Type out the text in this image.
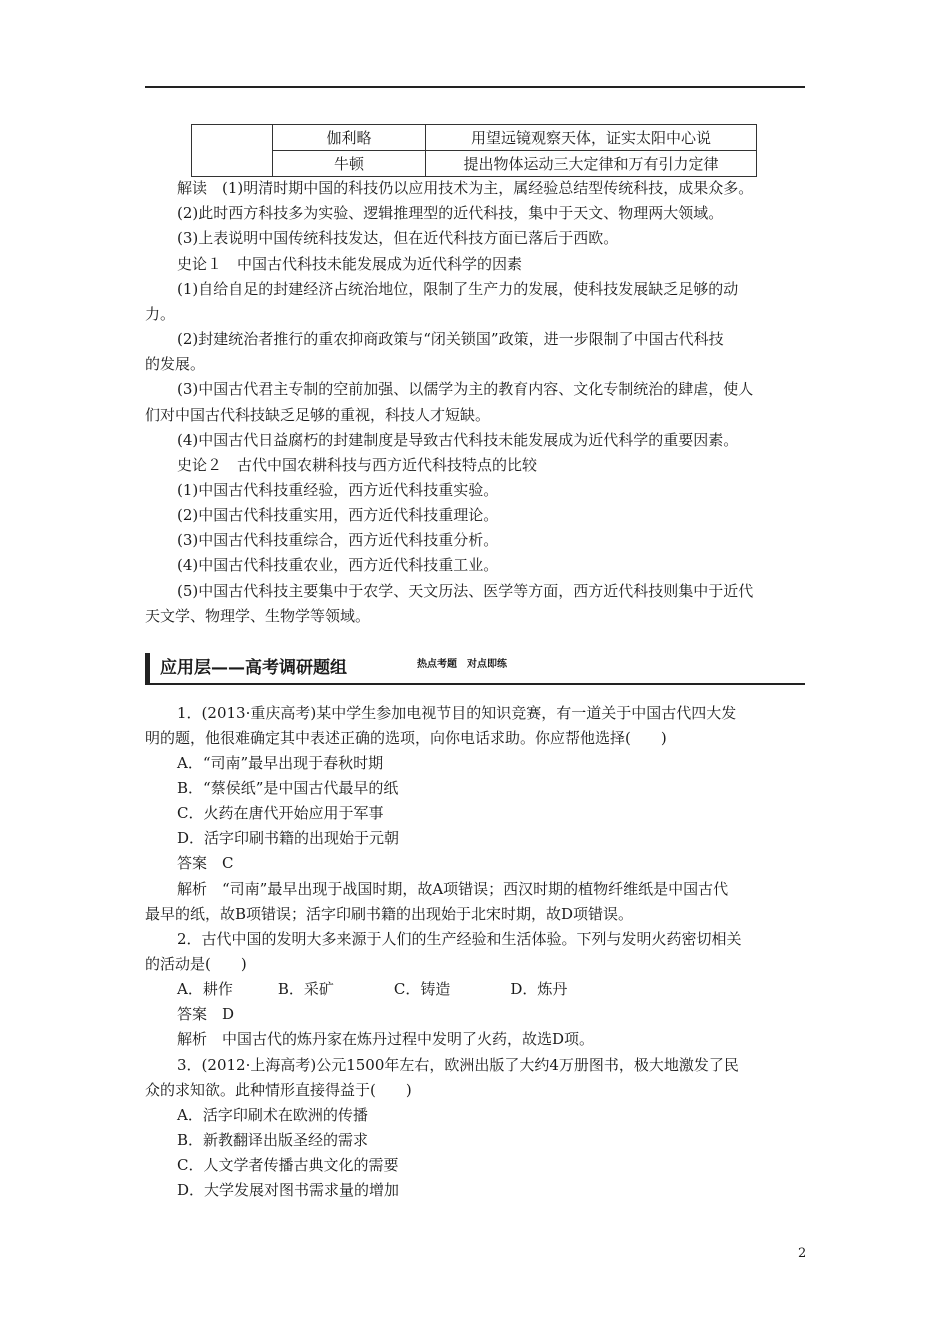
	伽利略	用望远镜观察天体，证实太阳中心说
	牛顿	提出物体运动三大定律和万有引力定律
解读　(1)明清时期中国的科技仍以应用技术为主，属经验总结型传统科技，成果众多。
(2)此时西方科技多为实验、逻辑推理型的近代科技，集中于天文、物理两大领域。
(3)上表说明中国传统科技发达，但在近代科技方面已落后于西欧。
史论１　中国古代科技未能发展成为近代科学的因素
(1)自给自足的封建经济占统治地位，限制了生产力的发展，使科技发展缺乏足够的动
力。
(2)封建统治者推行的重农抑商政策与“闭关锁国”政策，进一步限制了中国古代科技
的发展。
(3)中国古代君主专制的空前加强、以儒学为主的教育内容、文化专制统治的肆虐，使人
们对中国古代科技缺乏足够的重视，科技人才短缺。
(4)中国古代日益腐朽的封建制度是导致古代科技未能发展成为近代科学的重要因素。
史论２　古代中国农耕科技与西方近代科技特点的比较
(1)中国古代科技重经验，西方近代科技重实验。
(2)中国古代科技重实用，西方近代科技重理论。
(3)中国古代科技重综合，西方近代科技重分析。
(4)中国古代科技重农业，西方近代科技重工业。
(5)中国古代科技主要集中于农学、天文历法、医学等方面，西方近代科技则集中于近代
天文学、物理学、生物学等领域。
应用层——高考调研题组	热点考题　对点即练
1．(2013·重庆高考)某中学生参加电视节目的知识竞赛，有一道关于中国古代四大发
明的题，他很难确定其中表述正确的选项，向你电话求助。你应帮他选择(　　)
A．“司南”最早出现于春秋时期
B．“蔡侯纸”是中国古代最早的纸
C．火药在唐代开始应用于军事
D．活字印刷书籍的出现始于元朝
答案　C
解析　“司南”最早出现于战国时期，故A项错误；西汉时期的植物纤维纸是中国古代
最早的纸，故B项错误；活字印刷书籍的出现始于北宋时期，故D项错误。
2．古代中国的发明大多来源于人们的生产经验和生活体验。下列与发明火药密切相关
的活动是(　　)
A．耕作　　　B．采矿　　　　C．铸造　　　　D．炼丹
答案　D
解析　中国古代的炼丹家在炼丹过程中发明了火药，故选D项。
3．(2012·上海高考)公元1500年左右，欧洲出版了大约4万册图书，极大地激发了民
众的求知欲。此种情形直接得益于(　　)
A．活字印刷术在欧洲的传播
B．新教翻译出版圣经的需求
C．人文学者传播古典文化的需要
D．大学发展对图书需求量的增加
2
